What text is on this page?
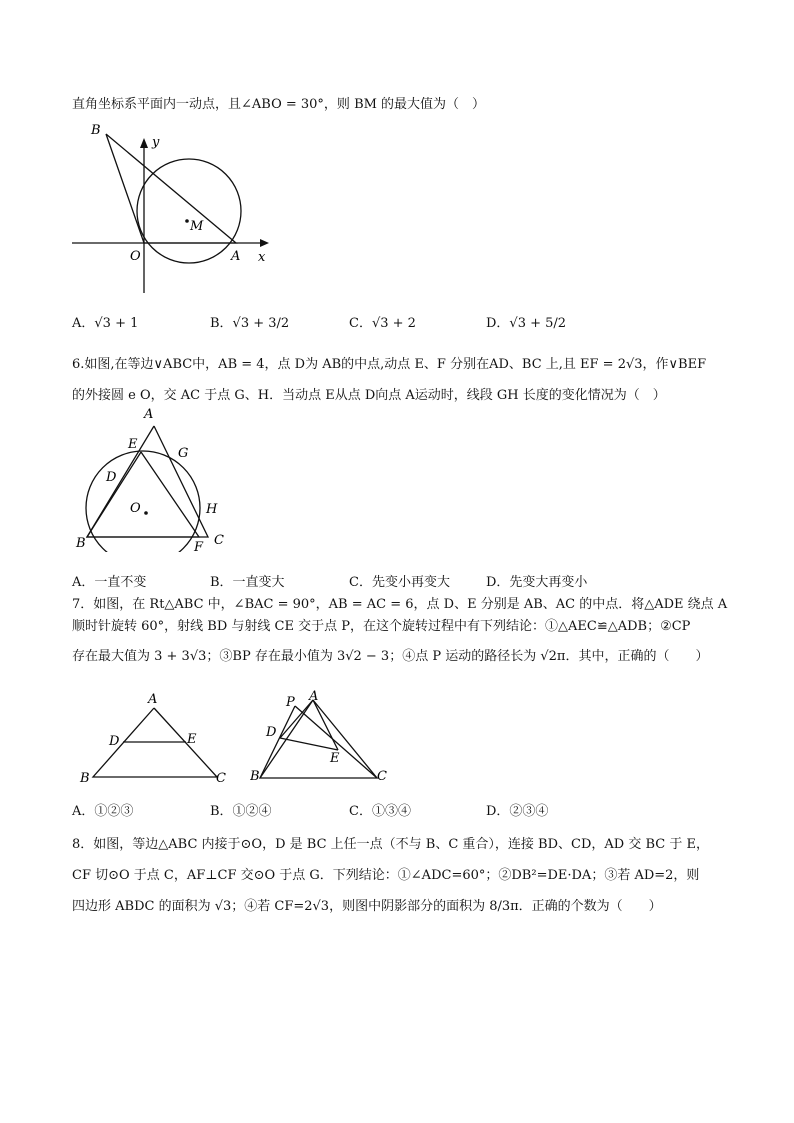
直角坐标系平面内一动点，且∠ABO = 30°，则 BM 的最大值为（　）
B
y
M
O	A x
A．√3 + 1	B．√3 + 3/2	C．√3 + 2	D．√3 + 5/2
6.如图,在等边∨ABC中，AB = 4，点 D为 AB的中点,动点 E、F 分别在AD、BC 上,且 EF = 2√3，作∨BEF
的外接圆 e O，交 AC 于点 G、H．当动点 E从点 D向点 A运动时，线段 GH 长度的变化情况为（　）
A
E
G
D
O	H
B	F C
A．一直不变	B．一直变大	C．先变小再变大	D．先变大再变小
7．如图，在 Rt△ABC 中，∠BAC = 90°，AB = AC = 6，点 D、E 分别是 AB、AC 的中点．将△ADE 绕点 A
顺时针旋转 60°，射线 BD 与射线 CE 交于点 P，在这个旋转过程中有下列结论：①△AEC≌△ADB；②CP
存在最大值为 3 + 3√3；③BP 存在最小值为 3√2 − 3；④点 P 运动的路径长为 √2π．其中，正确的（　　）
A
D	E
B	C
P A
D
E
B	C
A．①②③	B．①②④	C．①③④	D．②③④
8．如图，等边△ABC 内接于⊙O，D 是 BC 上任一点（不与 B、C 重合），连接 BD、CD，AD 交 BC 于 E，
CF 切⊙O 于点 C，AF⊥CF 交⊙O 于点 G．下列结论：①∠ADC=60°；②DB²=DE·DA；③若 AD=2，则
四边形 ABDC 的面积为 √3；④若 CF=2√3，则图中阴影部分的面积为 8/3π．正确的个数为（　　）
